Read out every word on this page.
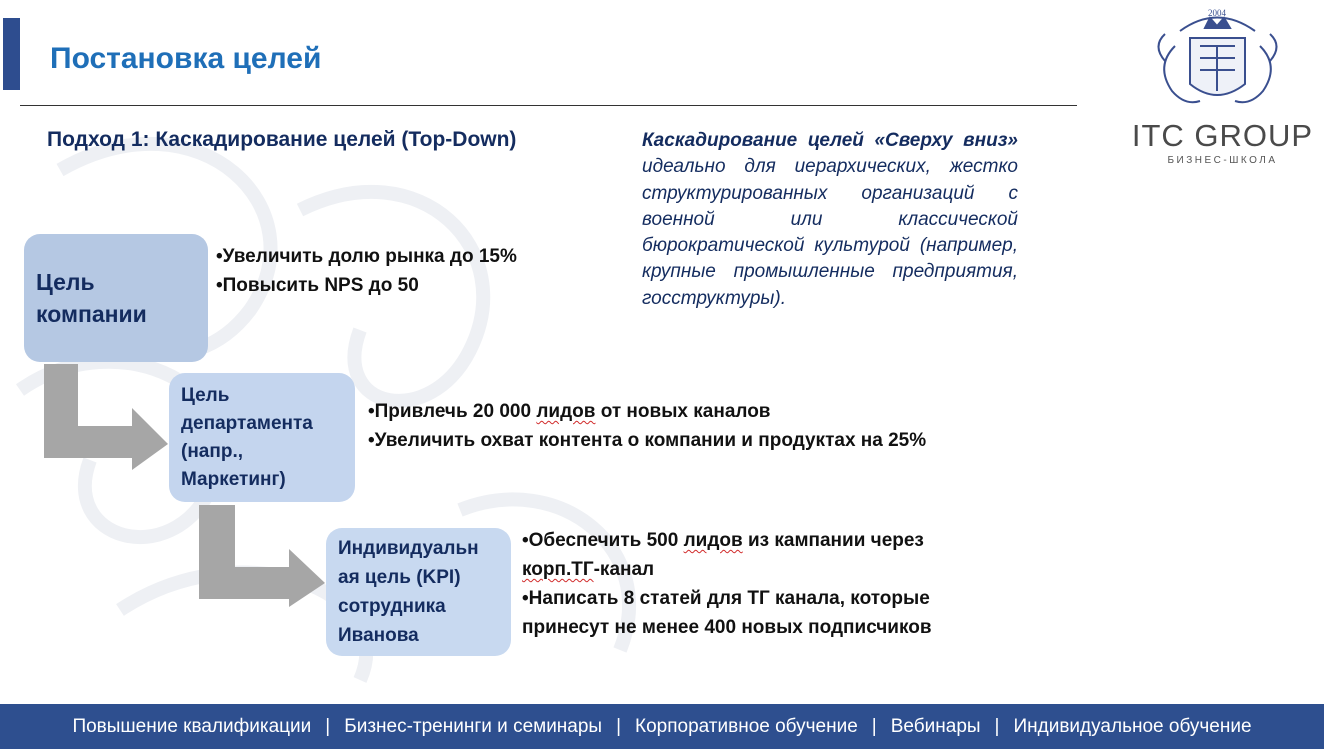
Постановка целей
2004
ITC GROUP
БИЗНЕС-ШКОЛА
Подход 1: Каскадирование целей (Top-Down)	Каскадирование целей «Сверху вниз» идеально для иерархических, жестко структурированных организаций с военной или классической бюрократической культурой (например, крупные промышленные предприятия, госструктуры).
Цель
компании
Цель
департамента
(напр.,
Маркетинг)
Индивидуальн
ая цель (KPI)
сотрудника
Иванова
•Увеличить долю рынка до 15%
•Повысить NPS до 50
•Привлечь 20 000 лидов от новых каналов
•Увеличить охват контента о компании и продуктах на 25%
•Обеспечить 500 лидов из кампании через
корп.ТГ-канал
•Написать 8 статей для ТГ канала, которые
принесут не менее 400 новых подписчиков
Повышение квалификации | Бизнес-тренинги и семинары | Корпоративное обучение | Вебинары | Индивидуальное обучение
